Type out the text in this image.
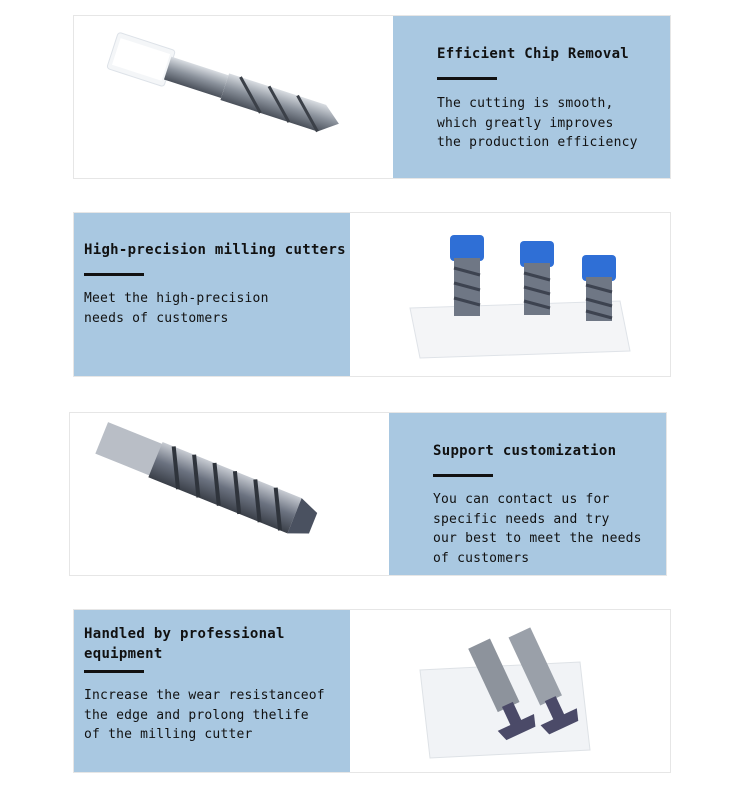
Efficient Chip Removal
The cutting is smooth,
which greatly improves
the production efficiency
High-precision milling cutters
Meet the high-precision
needs of customers
Support customization
You can contact us for
specific needs and try
our best to meet the needs
of customers
Handled by professional
equipment
Increase the wear resistanceof
the edge and prolong thelife
of the milling cutter
